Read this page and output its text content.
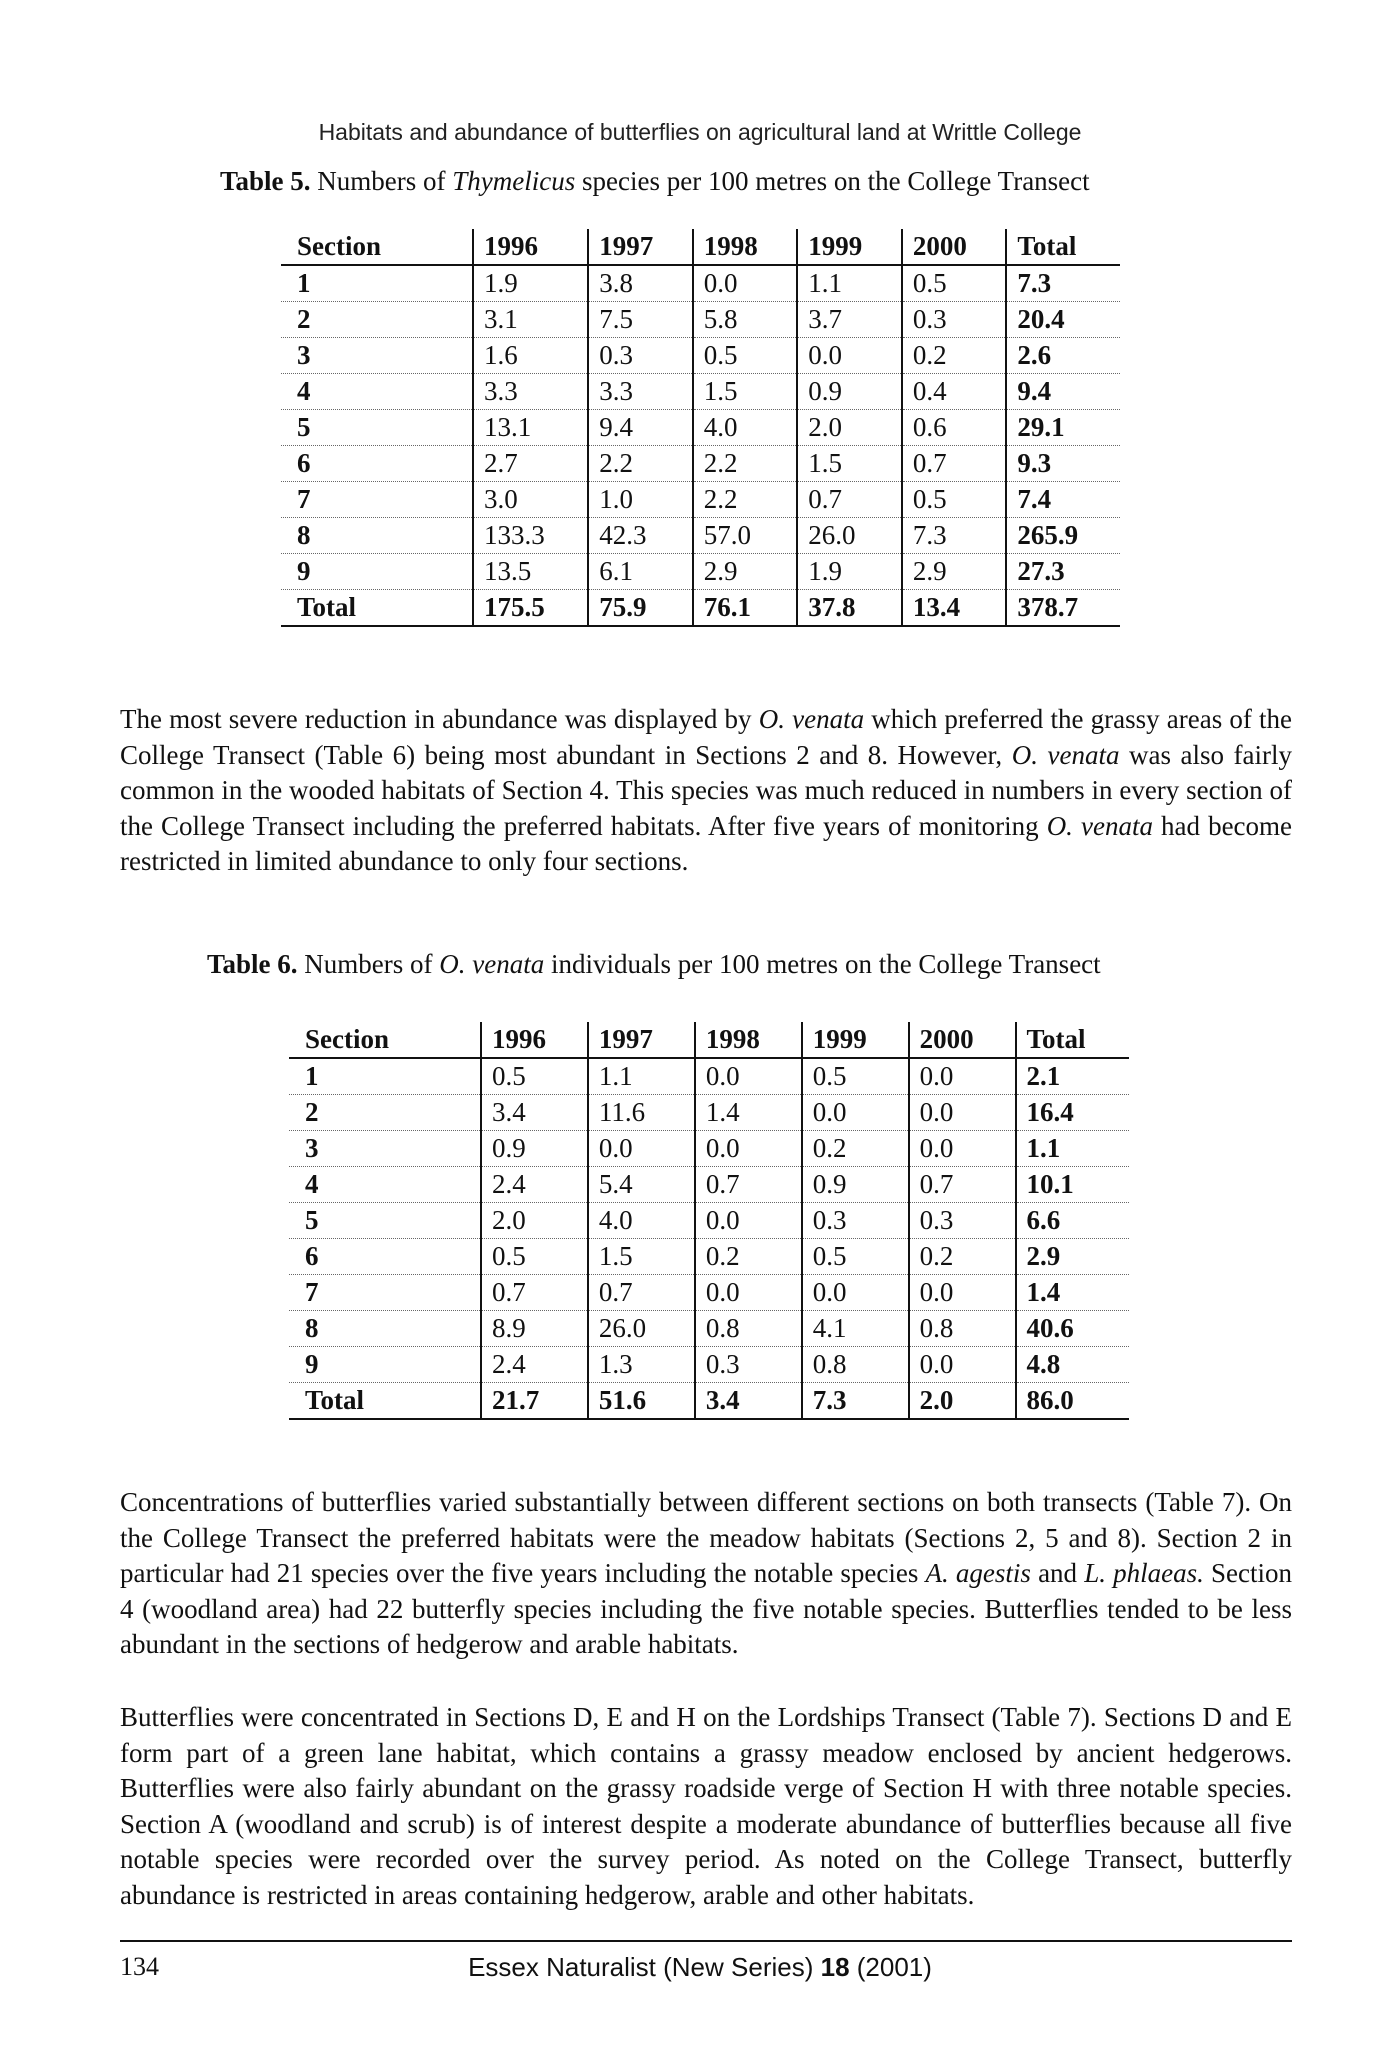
Habitats and abundance of butterflies on agricultural land at Writtle College
Table 5. Numbers of Thymelicus species per 100 metres on the College Transect
Section	1996	1997	1998	1999	2000	Total
1	1.9	3.8	0.0	1.1	0.5	7.3
2	3.1	7.5	5.8	3.7	0.3	20.4
3	1.6	0.3	0.5	0.0	0.2	2.6
4	3.3	3.3	1.5	0.9	0.4	9.4
5	13.1	9.4	4.0	2.0	0.6	29.1
6	2.7	2.2	2.2	1.5	0.7	9.3
7	3.0	1.0	2.2	0.7	0.5	7.4
8	133.3	42.3	57.0	26.0	7.3	265.9
9	13.5	6.1	2.9	1.9	2.9	27.3
Total	175.5	75.9	76.1	37.8	13.4	378.7
The most severe reduction in abundance was displayed by O. venata which preferred the grassy areas of the College Transect (Table 6) being most abundant in Sections 2 and 8. However, O. venata was also fairly common in the wooded habitats of Section 4. This species was much reduced in numbers in every section of the College Transect including the preferred habitats. After five years of monitoring O. venata had become restricted in limited abundance to only four sections.
Table 6. Numbers of O. venata individuals per 100 metres on the College Transect
Section	1996	1997	1998	1999	2000	Total
1	0.5	1.1	0.0	0.5	0.0	2.1
2	3.4	11.6	1.4	0.0	0.0	16.4
3	0.9	0.0	0.0	0.2	0.0	1.1
4	2.4	5.4	0.7	0.9	0.7	10.1
5	2.0	4.0	0.0	0.3	0.3	6.6
6	0.5	1.5	0.2	0.5	0.2	2.9
7	0.7	0.7	0.0	0.0	0.0	1.4
8	8.9	26.0	0.8	4.1	0.8	40.6
9	2.4	1.3	0.3	0.8	0.0	4.8
Total	21.7	51.6	3.4	7.3	2.0	86.0
Concentrations of butterflies varied substantially between different sections on both transects (Table 7). On the College Transect the preferred habitats were the meadow habitats (Sections 2, 5 and 8). Section 2 in particular had 21 species over the five years including the notable species A. agestis and L. phlaeas. Section 4 (woodland area) had 22 butterfly species including the five notable species. Butterflies tended to be less abundant in the sections of hedgerow and arable habitats.
Butterflies were concentrated in Sections D, E and H on the Lordships Transect (Table 7). Sections D and E form part of a green lane habitat, which contains a grassy meadow enclosed by ancient hedgerows. Butterflies were also fairly abundant on the grassy roadside verge of Section H with three notable species. Section A (woodland and scrub) is of interest despite a moderate abundance of butterflies because all five notable species were recorded over the survey period. As noted on the College Transect, butterfly abundance is restricted in areas containing hedgerow, arable and other habitats.
134	Essex Naturalist (New Series) 18 (2001)
